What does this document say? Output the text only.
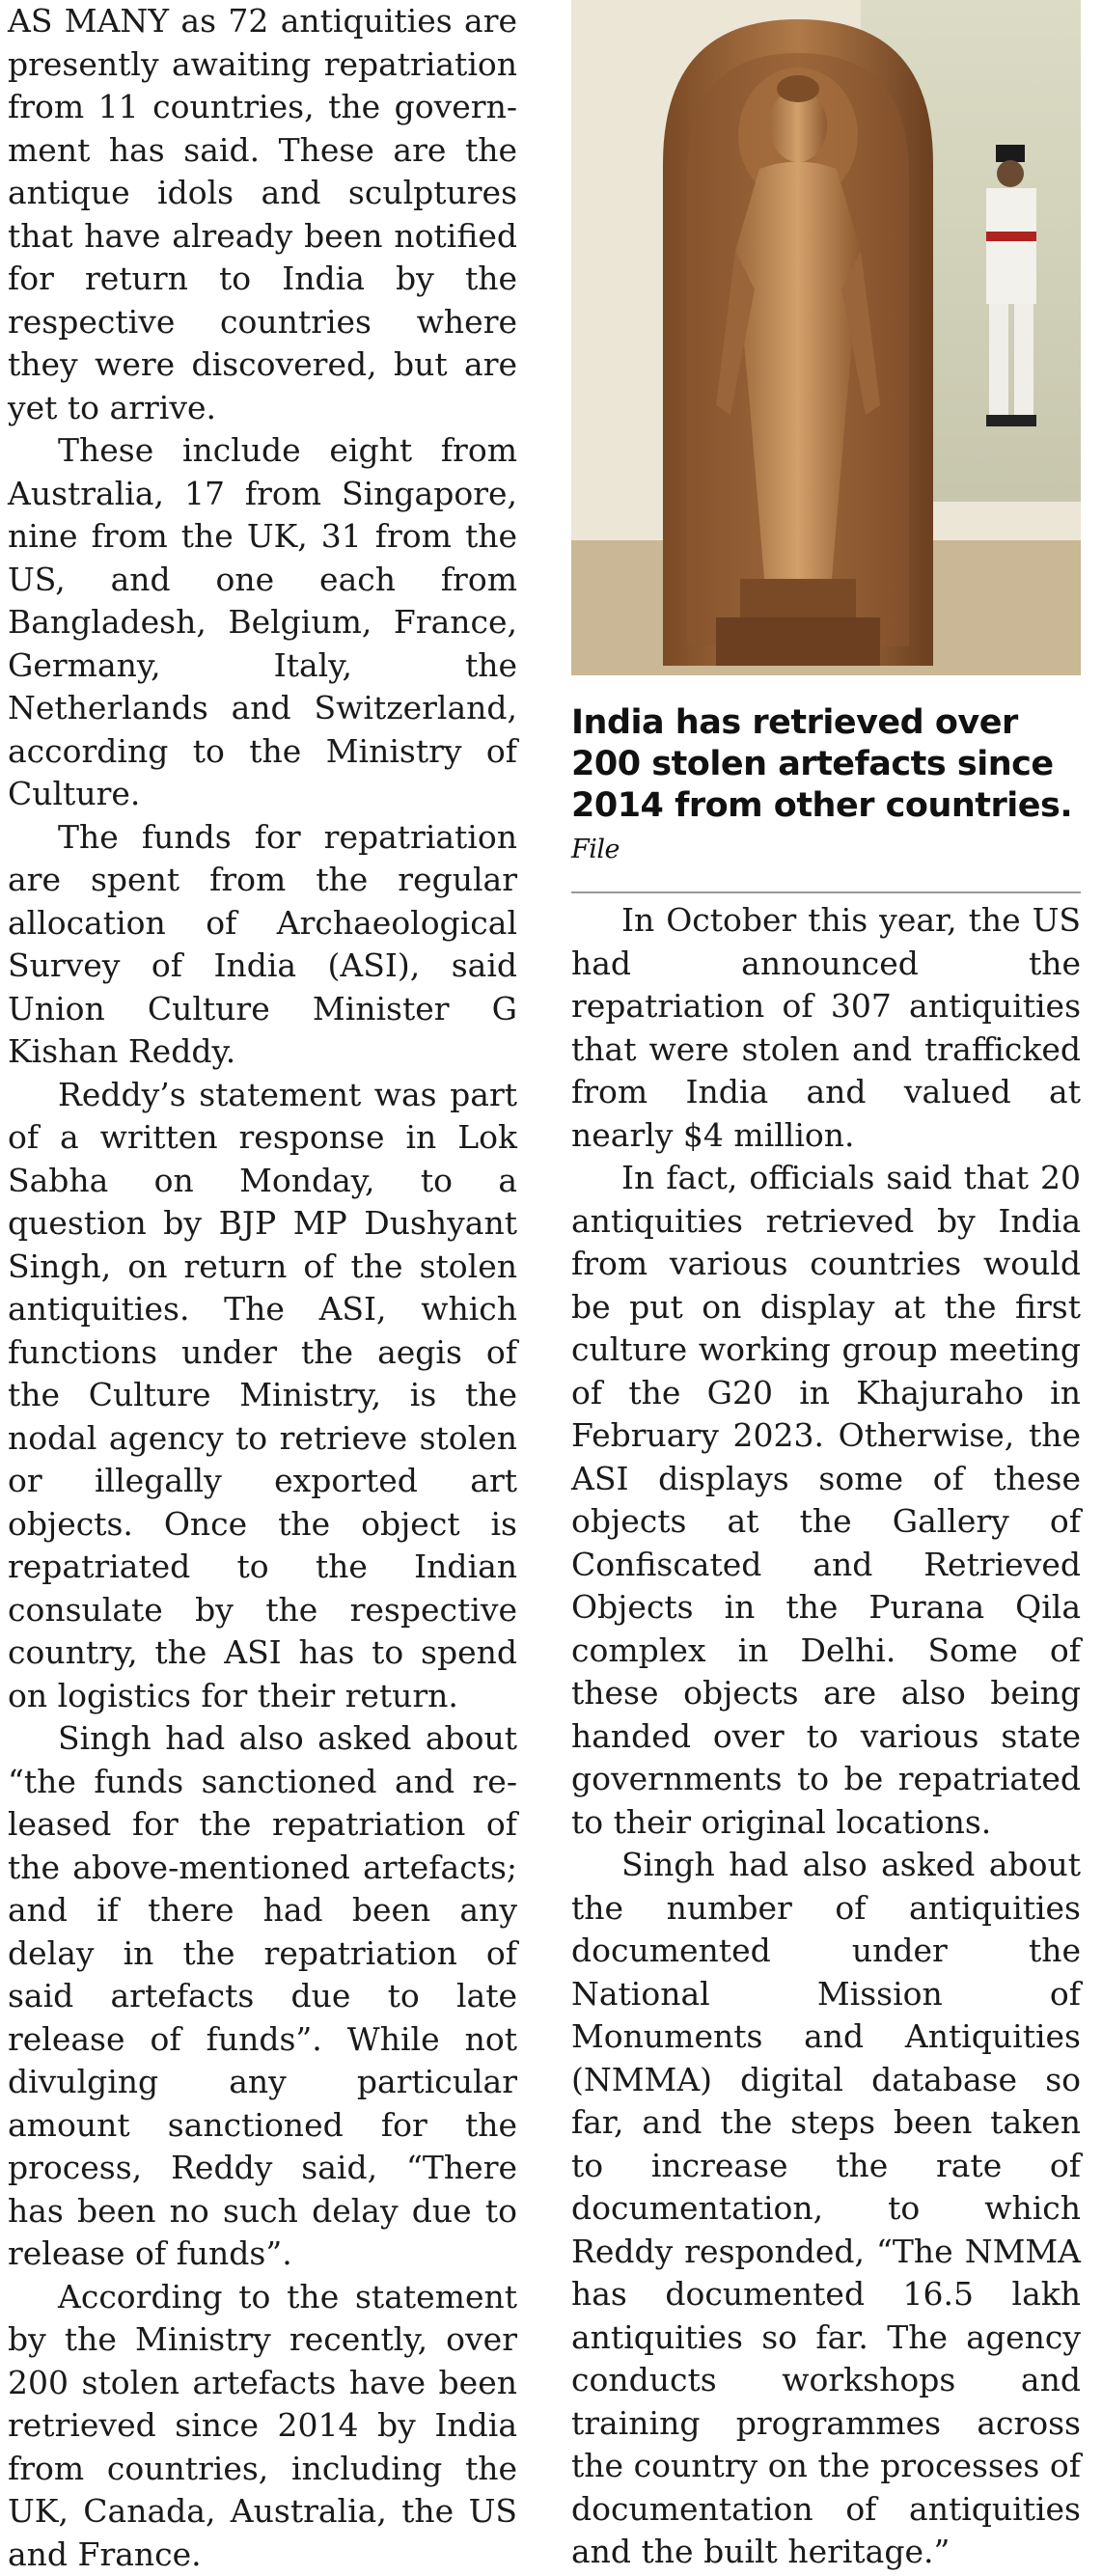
AS MANY as 72 antiquities are presently awaiting repatriation from 11 countries, the government has said. These are the antique idols and sculptures that have already been notified for return to India by the respective countries where they were discovered, but are yet to arrive.

These include eight from Australia, 17 from Singapore, nine from the UK, 31 from the US, and one each from Bangladesh, Belgium, France, Germany, Italy, the Netherlands and Switzerland, according to the Ministry of Culture.

The funds for repatriation are spent from the regular allocation of Archaeological Survey of India (ASI), said Union Culture Minister G Kishan Reddy.

Reddy’s statement was part of a written response in Lok Sabha on Monday, to a question by BJP MP Dushyant Singh, on return of the stolen antiquities. The ASI, which functions under the aegis of the Culture Ministry, is the nodal agency to retrieve stolen or illegally exported art objects. Once the object is repatriated to the Indian consulate by the respective country, the ASI has to spend on logistics for their return.

Singh had also asked about “the funds sanctioned and released for the repatriation of the above-mentioned artefacts; and if there had been any delay in the repatriation of said artefacts due to late release of funds”. While not divulging any particular amount sanctioned for the process, Reddy said, “There has been no such delay due to release of funds”.

According to the statement by the Ministry recently, over 200 stolen artefacts have been retrieved since 2014 by India from countries, including the UK, Canada, Australia, the US and France.

India has retrieved over 200 stolen artefacts since 2014 from other countries. File

In October this year, the US had announced the repatriation of 307 antiquities that were stolen and trafficked from India and valued at nearly $4 million.

In fact, officials said that 20 antiquities retrieved by India from various countries would be put on display at the first culture working group meeting of the G20 in Khajuraho in February 2023. Otherwise, the ASI displays some of these objects at the Gallery of Confiscated and Retrieved Objects in the Purana Qila complex in Delhi. Some of these objects are also being handed over to various state governments to be repatriated to their original locations.

Singh had also asked about the number of antiquities documented under the National Mission of Monuments and Antiquities (NMMA) digital database so far, and the steps been taken to increase the rate of documentation, to which Reddy responded, “The NMMA has documented 16.5 lakh antiquities so far. The agency conducts workshops and training programmes across the country on the processes of documentation of antiquities and the built heritage.”
